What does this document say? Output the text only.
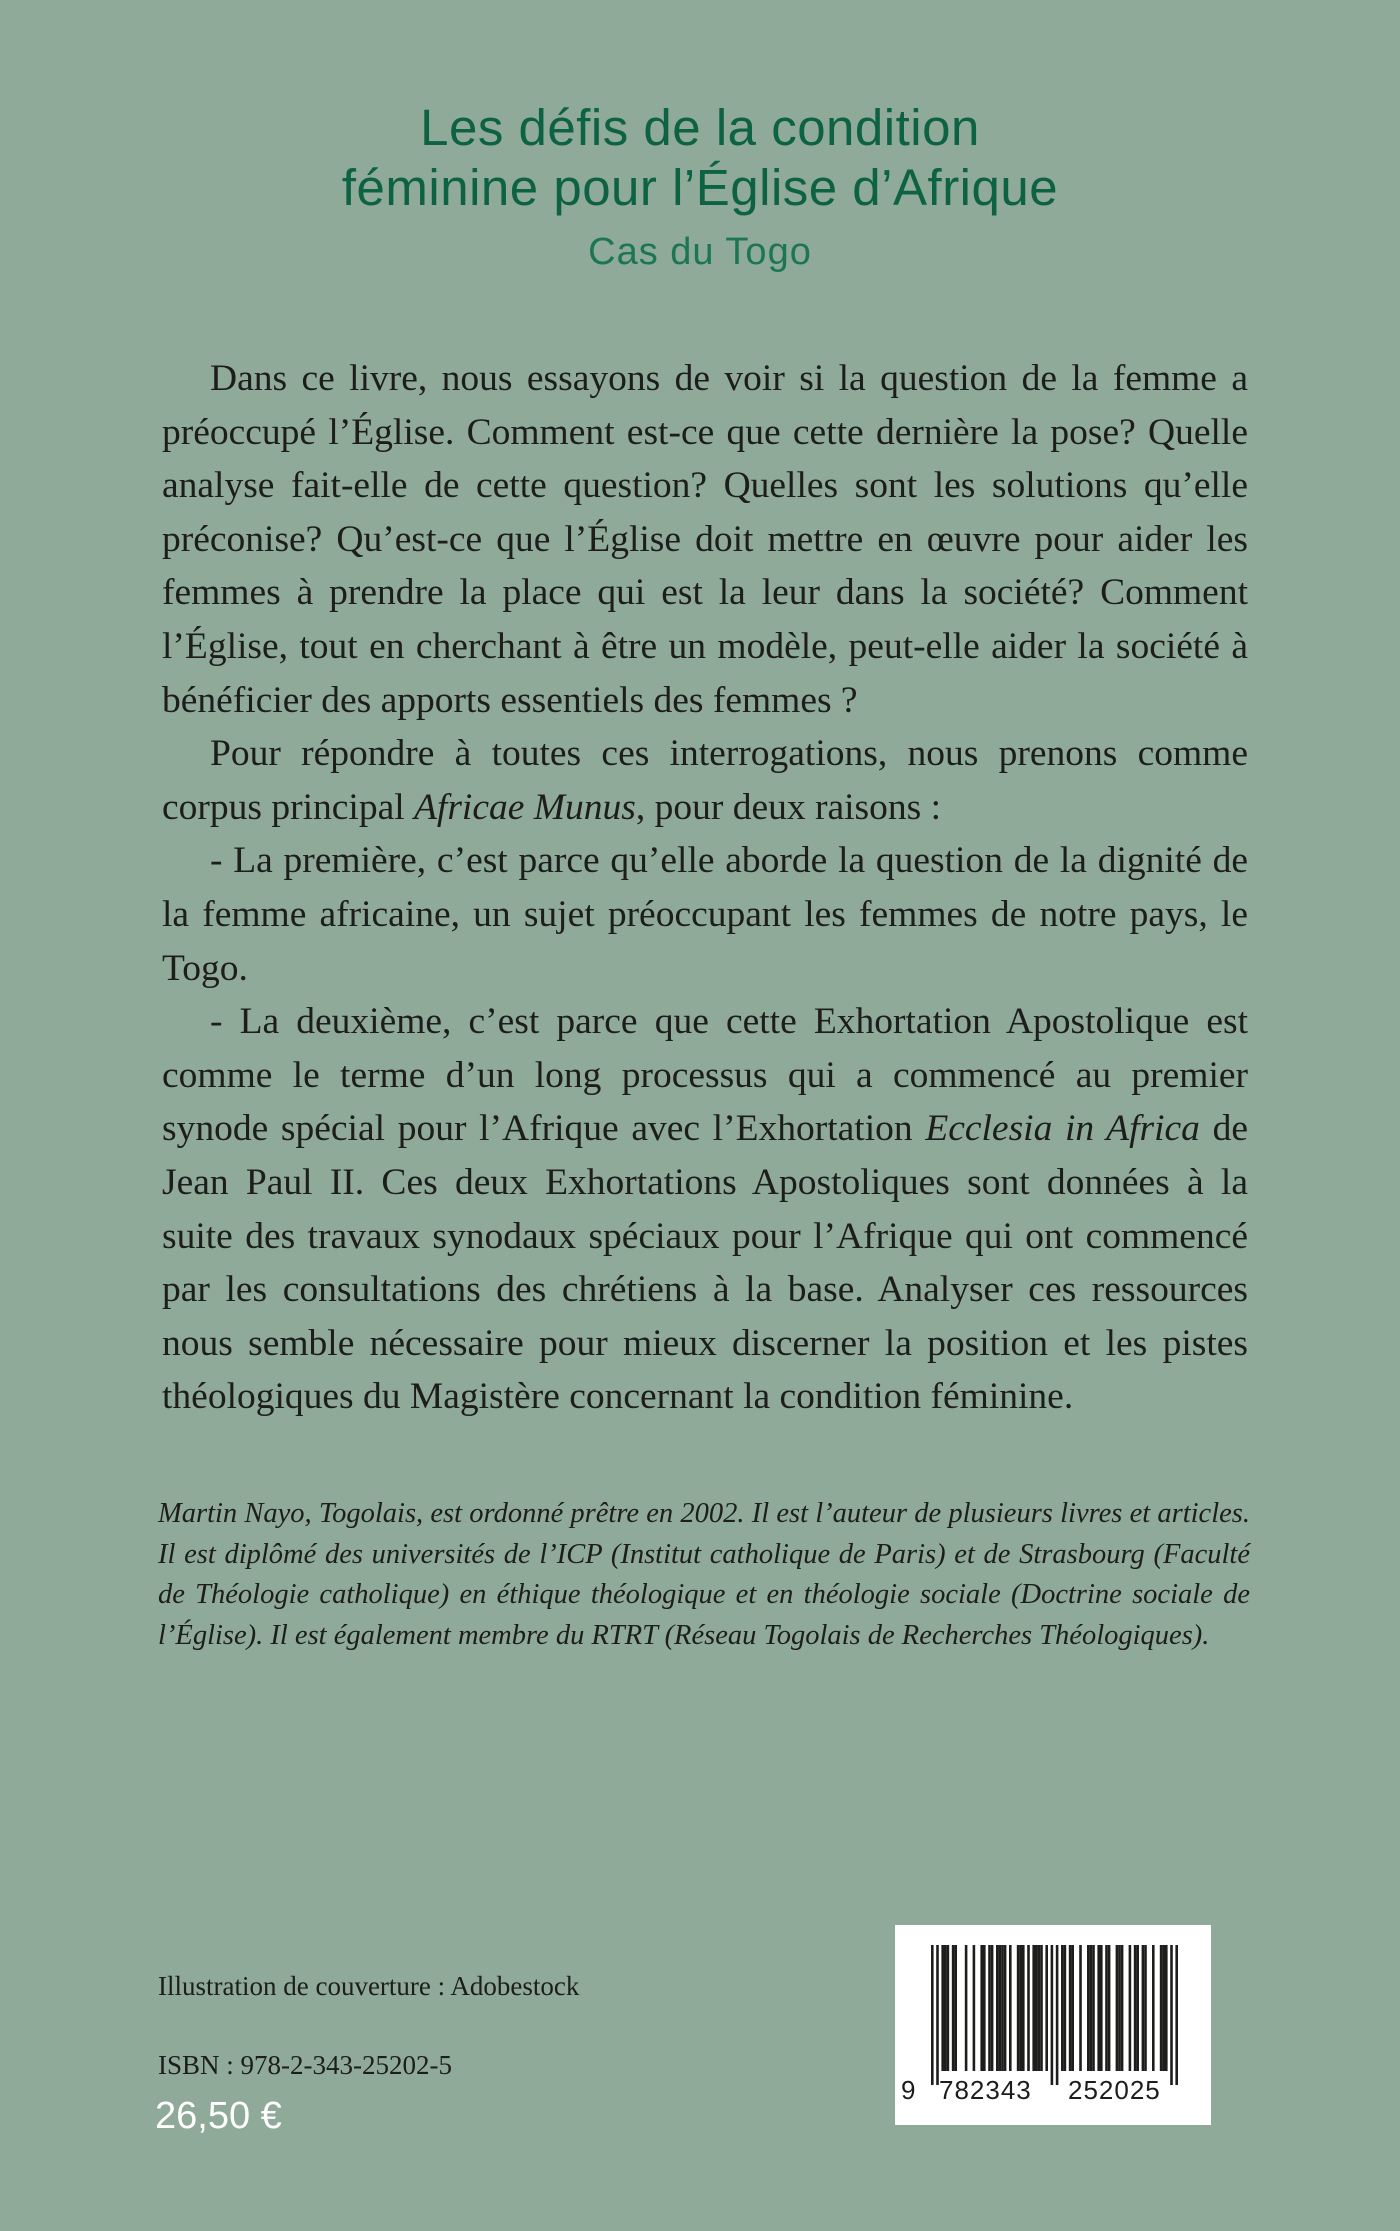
Les défis de la condition
féminine pour l’Église d’Afrique
Cas du Togo

Dans ce livre, nous essayons de voir si la question de la femme a préoccupé l’Église. Comment est-ce que cette dernière la pose? Quelle analyse fait-elle de cette question? Quelles sont les solutions qu’elle préconise? Qu’est-ce que l’Église doit mettre en œuvre pour aider les femmes à prendre la place qui est la leur dans la société? Comment l’Église, tout en cherchant à être un modèle, peut-elle aider la société à bénéficier des apports essentiels des femmes ?

Pour répondre à toutes ces interrogations, nous prenons comme corpus principal Africae Munus, pour deux raisons :

- La première, c’est parce qu’elle aborde la question de la dignité de la femme africaine, un sujet préoccupant les femmes de notre pays, le Togo.

- La deuxième, c’est parce que cette Exhortation Apostolique est comme le terme d’un long processus qui a commencé au premier synode spécial pour l’Afrique avec l’Exhortation Ecclesia in Africa de Jean Paul II. Ces deux Exhortations Apostoliques sont données à la suite des travaux synodaux spéciaux pour l’Afrique qui ont commencé par les consultations des chrétiens à la base. Analyser ces ressources nous semble nécessaire pour mieux discerner la position et les pistes théologiques du Magistère concernant la condition féminine.

Martin Nayo, Togolais, est ordonné prêtre en 2002. Il est l’auteur de plusieurs livres et articles. Il est diplômé des universités de l’ICP (Institut catholique de Paris) et de Strasbourg (Faculté de Théologie catholique) en éthique théologique et en théologie sociale (Doctrine sociale de l’Église). Il est également membre du RTRT (Réseau Togolais de Recherches Théologiques).
Illustration de couverture : Adobestock
ISBN : 978-2-343-25202-5
26,50 €
9 782343 252025
